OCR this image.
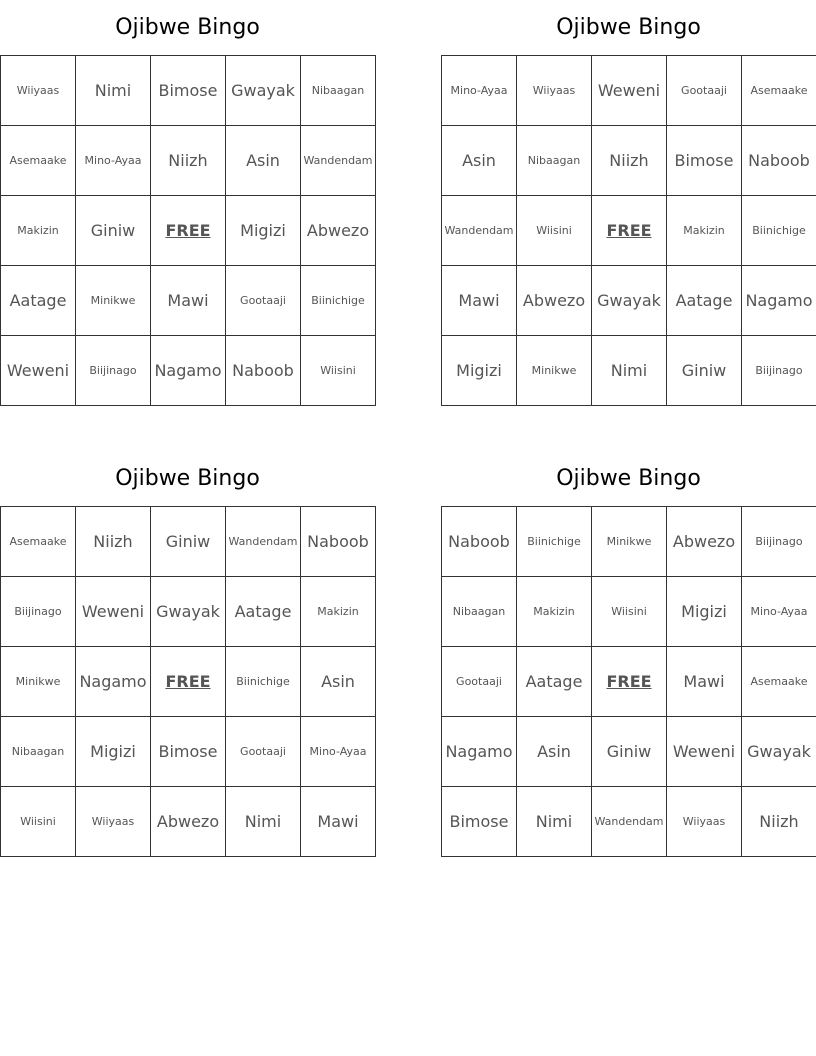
Ojibwe Bingo
Wiiyaas	Nimi	Bimose	Gwayak	Nibaagan
Asemaake	Mino-Ayaa	Niizh	Asin	Wandendam
Makizin	Giniw	FREE	Migizi	Abwezo
Aatage	Minikwe	Mawi	Gootaaji	Biinichige
Weweni	Biijinago	Nagamo	Naboob	Wiisini
Ojibwe Bingo
Mino-Ayaa	Wiiyaas	Weweni	Gootaaji	Asemaake
Asin	Nibaagan	Niizh	Bimose	Naboob
Wandendam	Wiisini	FREE	Makizin	Biinichige
Mawi	Abwezo	Gwayak	Aatage	Nagamo
Migizi	Minikwe	Nimi	Giniw	Biijinago
Ojibwe Bingo
Asemaake	Niizh	Giniw	Wandendam	Naboob
Biijinago	Weweni	Gwayak	Aatage	Makizin
Minikwe	Nagamo	FREE	Biinichige	Asin
Nibaagan	Migizi	Bimose	Gootaaji	Mino-Ayaa
Wiisini	Wiiyaas	Abwezo	Nimi	Mawi
Ojibwe Bingo
Naboob	Biinichige	Minikwe	Abwezo	Biijinago
Nibaagan	Makizin	Wiisini	Migizi	Mino-Ayaa
Gootaaji	Aatage	FREE	Mawi	Asemaake
Nagamo	Asin	Giniw	Weweni	Gwayak
Bimose	Nimi	Wandendam	Wiiyaas	Niizh
